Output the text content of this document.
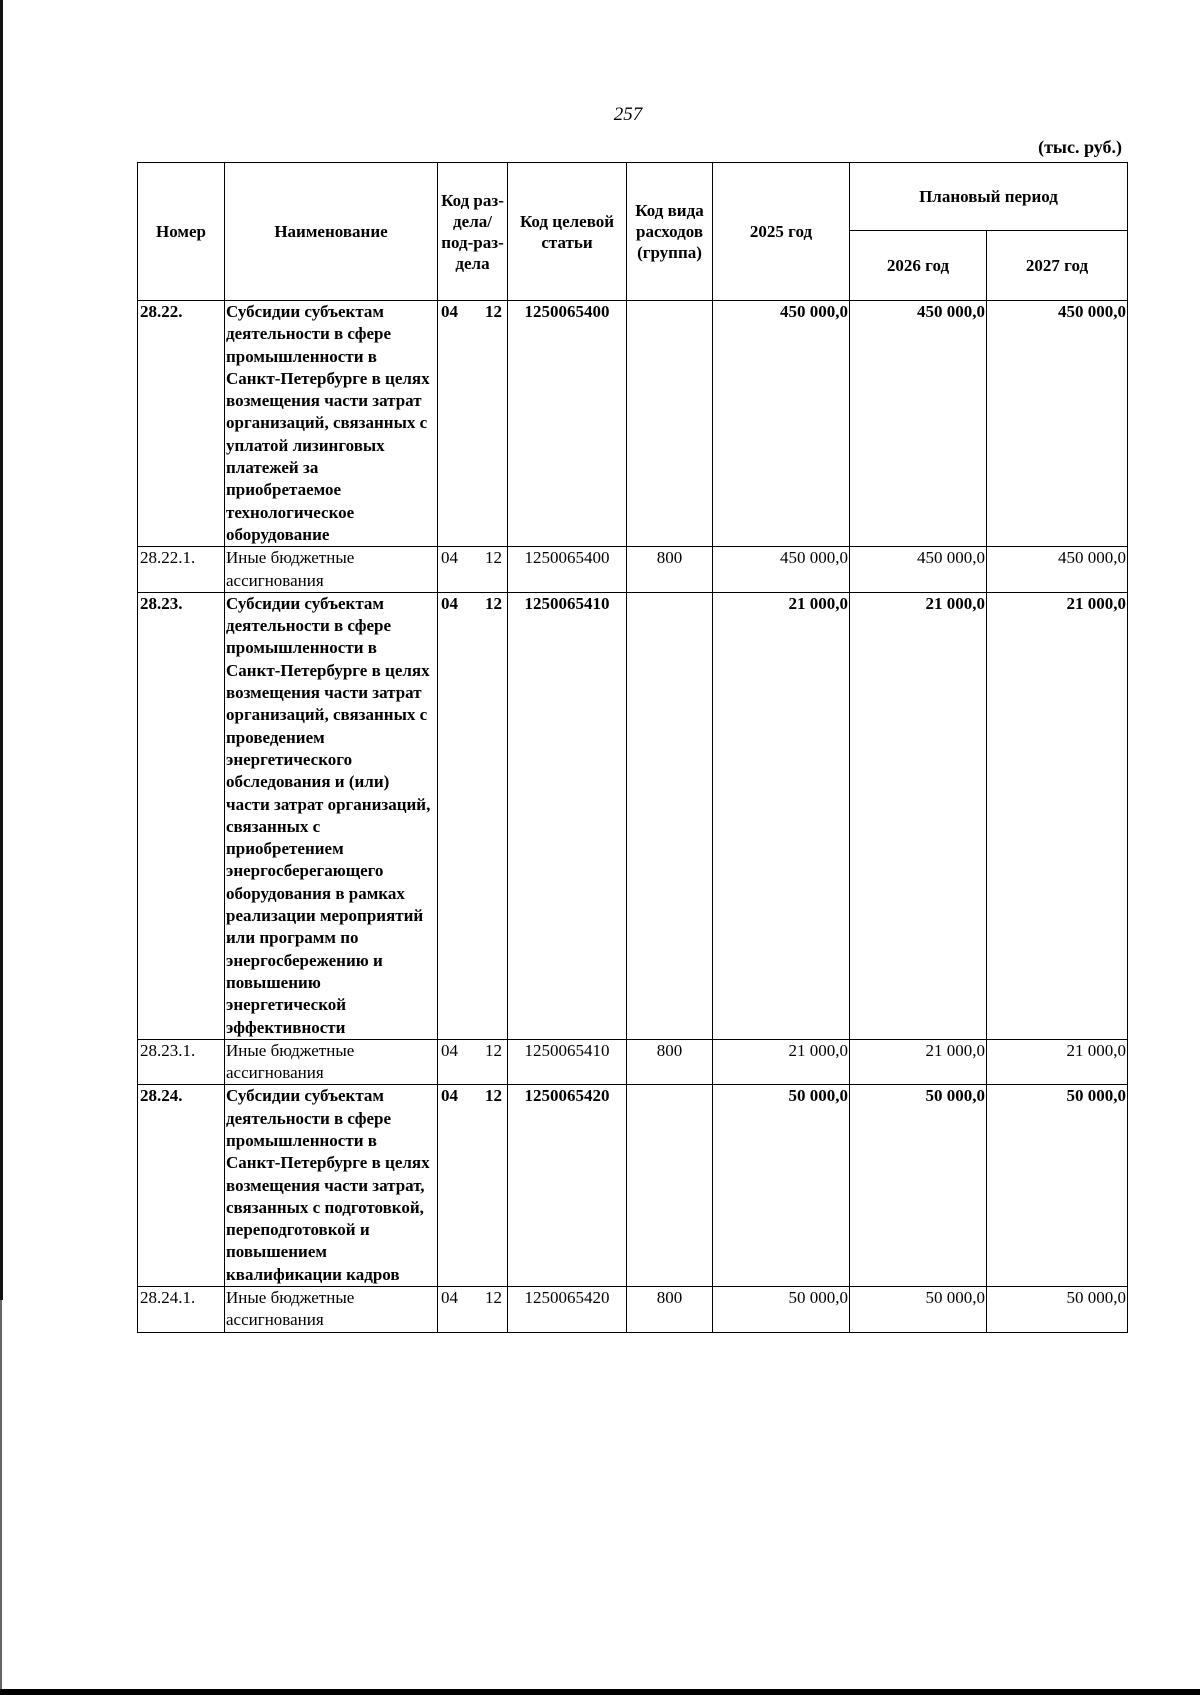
257
(тыс. руб.)
Номер	Наименование	Код раз-дела/ под-раз-дела	Код целевой статьи	Код вида расходов (группа)	2025 год	Плановый период	
						2026 год	2027 год
28.22.	Субсидии субъектам деятельности в сфере промышленности в Санкт-Петербурге в целях возмещения части затрат организаций, связанных с уплатой лизинговых платежей за приобретаемое технологическое оборудование	04 12	1250065400		450 000,0	450 000,0	450 000,0
28.22.1.	Иные бюджетные ассигнования	04 12	1250065400	800	450 000,0	450 000,0	450 000,0
28.23.	Субсидии субъектам деятельности в сфере промышленности в Санкт-Петербурге в целях возмещения части затрат организаций, связанных с проведением энергетического обследования и (или) части затрат организаций, связанных с приобретением энергосберегающего оборудования в рамках реализации мероприятий или программ по энергосбережению и повышению энергетической эффективности	04 12	1250065410		21 000,0	21 000,0	21 000,0
28.23.1.	Иные бюджетные ассигнования	04 12	1250065410	800	21 000,0	21 000,0	21 000,0
28.24.	Субсидии субъектам деятельности в сфере промышленности в Санкт-Петербурге в целях возмещения части затрат, связанных с подготовкой, переподготовкой и повышением квалификации кадров	04 12	1250065420		50 000,0	50 000,0	50 000,0
28.24.1.	Иные бюджетные ассигнования	04 12	1250065420	800	50 000,0	50 000,0	50 000,0
